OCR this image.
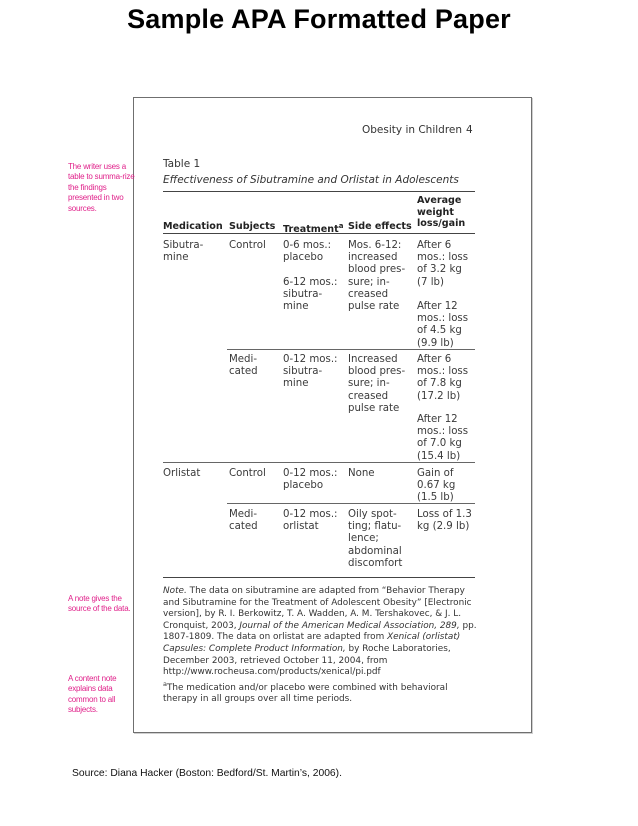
Sample APA Formatted Paper
Obesity in Children 4
Table 1
Effectiveness of Sibutramine and Orlistat in Adolescents
Medication Subjects Treatment$^a$ Side effects
Average
weight
loss/gain
Sibutra-
mine
Control 0-6 mos.:
placebo
6-12 mos.:
sibutra-
mine
Mos. 6-12:
increased
blood pres-
sure; in-
creased
pulse rate
After 6
mos.: loss
of 3.2 kg
(7 lb)
After 12
mos.: loss
of 4.5 kg
(9.9 lb)
Medi-
cated
0-12 mos.:
sibutra-
mine
Increased
blood pres-
sure; in-
creased
pulse rate
After 6
mos.: loss
of 7.8 kg
(17.2 lb)
After 12
mos.: loss
of 7.0 kg
(15.4 lb)
Orlistat	Control 0-12 mos.:
placebo
None	Gain of
0.67 kg
(1.5 lb)
Medi-
cated
0-12 mos.:
orlistat
Oily spot-
ting; flatu-
lence;
abdominal
discomfort
Loss of 1.3
kg (2.9 lb)

Note. The data on sibutramine are adapted from “Behavior Therapy and Sibutramine for the Treatment of Adolescent Obesity” [Electronic version], by R. I. Berkowitz, T. A. Wadden, A. M. Tershakovec, & J. L. Cronquist, 2003, Journal of the American Medical Association, 289, pp. 1807-1809. The data on orlistat are adapted from Xenical (orlistat) Capsules: Complete Product Information, by Roche Laboratories, December 2003, retrieved October 11, 2004, from http://www.rocheusa.com/products/xenical/pi.pdf

$^a$The medication and/or placebo were combined with behavioral therapy in all groups over all time periods.

The writer uses a table to summa-rize the findings presented in two sources.
A note gives the source of the data.
A content note explains data common to all subjects.
Source: Diana Hacker (Boston: Bedford/St. Martin’s, 2006).
